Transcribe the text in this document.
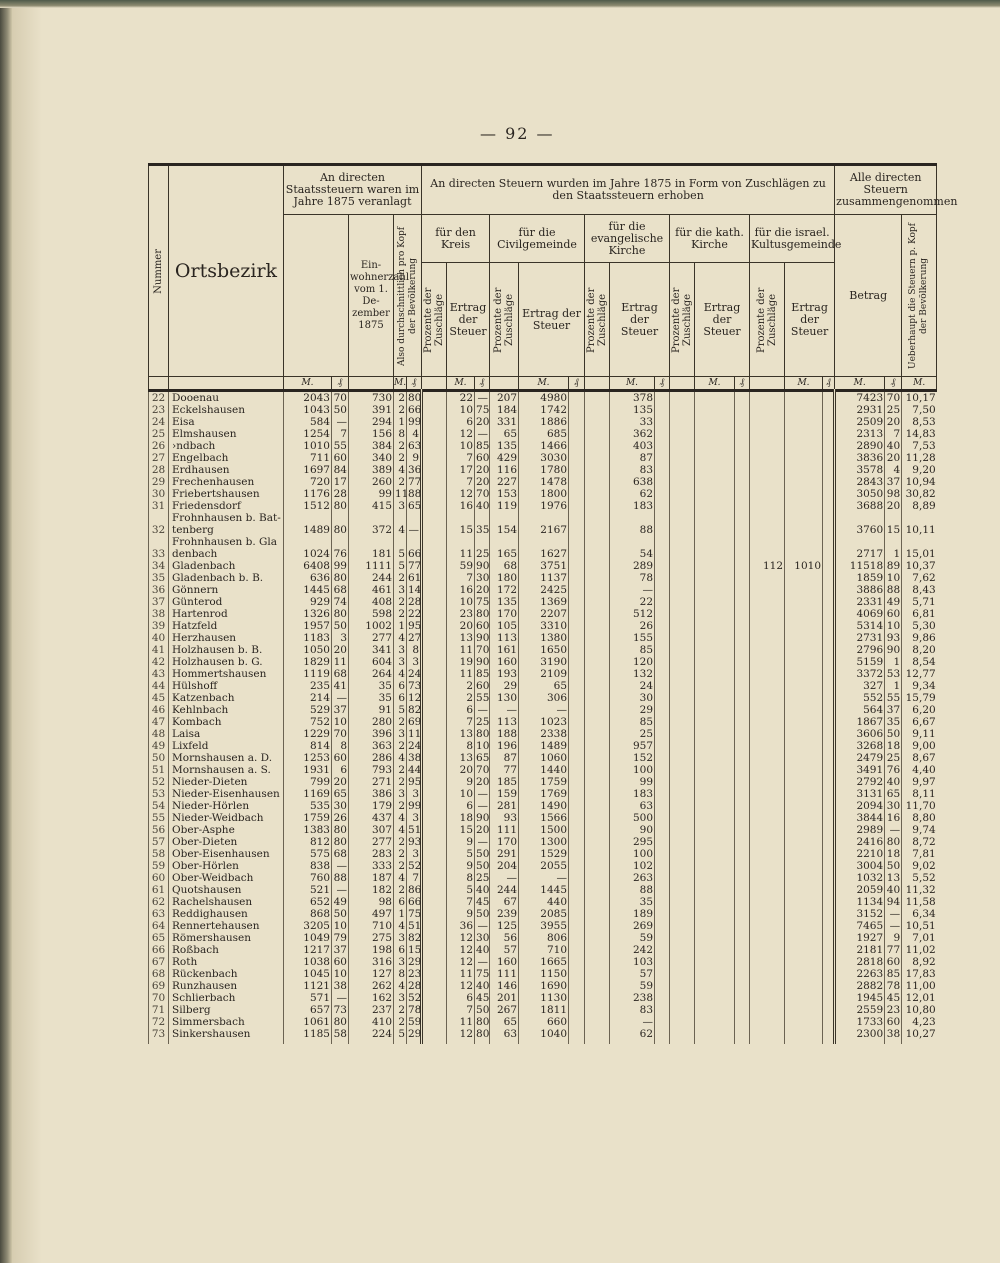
— 92 —
Nummer	Ortsbezirk	An directen Staatssteuern waren im Jahre 1875 veranlagt					An directen Steuern wurden im Jahre 1875 in Form von Zuschlägen zu den Staatssteuern erhoben															Alle directen Steuern zusammengenommen		
				Ein-wohnerzahl vom 1. De-zember 1875	Also durchschnittlich pro Kopf der Bevölkerung		für den Kreis			für die Civilgemeinde			für die evangelische Kirche			für die kath. Kirche			für die israel. Kultusgemeinde			Betrag		Ueberhaupt die Steuern p. Kopf der Bevölkerung

							Prozente der Zuschläge	Ertrag der Steuer		Prozente der Zuschläge	Ertrag der Steuer		Prozente der Zuschläge	Ertrag der Steuer		Prozente der Zuschläge	Ertrag der Steuer		Prozente der Zuschläge	Ertrag der Steuer				
		M.	₰		M.	₰		M.	₰		M.	₰		M.	₰		M.	₰		M.	₰	M.	₰	M.
22	Dooenau	2043	70	730	2	80		22	—	207	4980			378								7423	70	10,17
23	Eckelshausen	1043	50	391	2	66		10	75	184	1742			135								2931	25	7,50
24	Eisa	584	—	294	1	99		6	20	331	1886			33								2509	20	8,53
25	Elmshausen	1254	7	156	8	4		12	—	65	685			362								2313	7	14,83
26	›ndbach	1010	55	384	2	63		10	85	135	1466			403								2890	40	7,53
27	Engelbach	711	60	340	2	9		7	60	429	3030			87								3836	20	11,28
28	Erdhausen	1697	84	389	4	36		17	20	116	1780			83								3578	4	9,20
29	Frechenhausen	720	17	260	2	77		7	20	227	1478			638								2843	37	10,94
30	Friebertshausen	1176	28	99	11	88		12	70	153	1800			62								3050	98	30,82
31	Friedensdorf	1512	80	415	3	65		16	40	119	1976			183								3688	20	8,89
32	Frohnhausen b. Bat-
tenberg	1489	80	372	4	—		15	35	154	2167			88								3760	15	10,11
33	Frohnhausen b. Gla
denbach	1024	76	181	5	66		11	25	165	1627			54								2717	1	15,01
34	Gladenbach	6408	99	1111	5	77		59	90	68	3751			289					112	1010		11518	89	10,37
35	Gladenbach b. B.	636	80	244	2	61		7	30	180	1137			78								1859	10	7,62
36	Gönnern	1445	68	461	3	14		16	20	172	2425			—								3886	88	8,43
37	Günterod	929	74	408	2	28		10	75	135	1369			22								2331	49	5,71
38	Hartenrod	1326	80	598	2	22		23	80	170	2207			512								4069	60	6,81
39	Hatzfeld	1957	50	1002	1	95		20	60	105	3310			26								5314	10	5,30
40	Herzhausen	1183	3	277	4	27		13	90	113	1380			155								2731	93	9,86
41	Holzhausen b. B.	1050	20	341	3	8		11	70	161	1650			85								2796	90	8,20
42	Holzhausen b. G.	1829	11	604	3	3		19	90	160	3190			120								5159	1	8,54
43	Hommertshausen	1119	68	264	4	24		11	85	193	2109			132								3372	53	12,77
44	Hülshoff	235	41	35	6	73		2	60	29	65			24								327	1	9,34
45	Katzenbach	214	—	35	6	12		2	55	130	306			30								552	55	15,79
46	Kehlnbach	529	37	91	5	82		6	—	—	—			29								564	37	6,20
47	Kombach	752	10	280	2	69		7	25	113	1023			85								1867	35	6,67
48	Laisa	1229	70	396	3	11		13	80	188	2338			25								3606	50	9,11
49	Lixfeld	814	8	363	2	24		8	10	196	1489			957								3268	18	9,00
50	Mornshausen a. D.	1253	60	286	4	38		13	65	87	1060			152								2479	25	8,67
51	Mornshausen a. S.	1931	6	793	2	44		20	70	77	1440			100								3491	76	4,40
52	Nieder-Dieten	799	20	271	2	95		9	20	185	1759			99								2792	40	9,97
53	Nieder-Eisenhausen	1169	65	386	3	3		10	—	159	1769			183								3131	65	8,11
54	Nieder-Hörlen	535	30	179	2	99		6	—	281	1490			63								2094	30	11,70
55	Nieder-Weidbach	1759	26	437	4	3		18	90	93	1566			500								3844	16	8,80
56	Ober-Asphe	1383	80	307	4	51		15	20	111	1500			90								2989	—	9,74
57	Ober-Dieten	812	80	277	2	93		9	—	170	1300			295								2416	80	8,72
58	Ober-Eisenhausen	575	68	283	2	3		5	50	291	1529			100								2210	18	7,81
59	Ober-Hörlen	838	—	333	2	52		9	50	204	2055			102								3004	50	9,02
60	Ober-Weidbach	760	88	187	4	7		8	25	—	—			263								1032	13	5,52
61	Quotshausen	521	—	182	2	86		5	40	244	1445			88								2059	40	11,32
62	Rachelshausen	652	49	98	6	66		7	45	67	440			35								1134	94	11,58
63	Reddighausen	868	50	497	1	75		9	50	239	2085			189								3152	—	6,34
64	Rennertehausen	3205	10	710	4	51		36	—	125	3955			269								7465	—	10,51
65	Römershausen	1049	79	275	3	82		12	30	56	806			59								1927	9	7,01
66	Roßbach	1217	37	198	6	15		12	40	57	710			242								2181	77	11,02
67	Roth	1038	60	316	3	29		12	—	160	1665			103								2818	60	8,92
68	Rückenbach	1045	10	127	8	23		11	75	111	1150			57								2263	85	17,83
69	Runzhausen	1121	38	262	4	28		12	40	146	1690			59								2882	78	11,00
70	Schlierbach	571	—	162	3	52		6	45	201	1130			238								1945	45	12,01
71	Silberg	657	73	237	2	78		7	50	267	1811			83								2559	23	10,80
72	Simmersbach	1061	80	410	2	59		11	80	65	660			—								1733	60	4,23
73	Sinkershausen	1185	58	224	5	29		12	80	63	1040			62								2300	38	10,27
